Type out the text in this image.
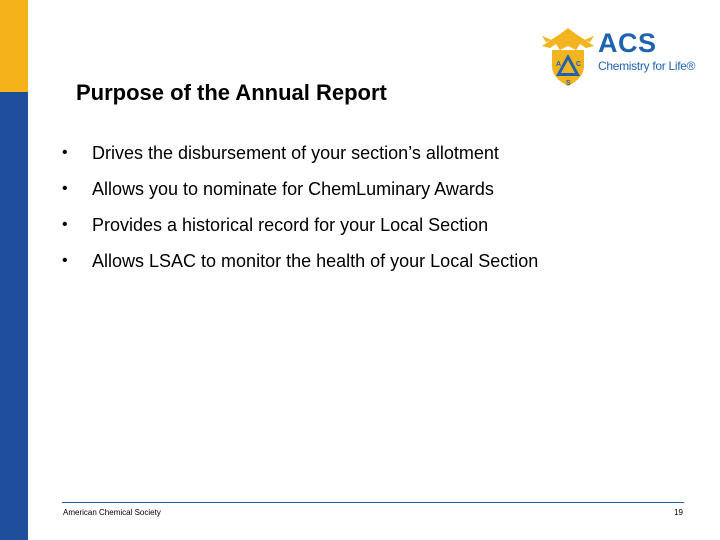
Purpose of the Annual Report
A C
S
ACS
Chemistry for Life®
• Drives the disbursement of your section’s allotment
• Allows you to nominate for ChemLuminary Awards
• Provides a historical record for your Local Section
• Allows LSAC to monitor the health of your Local Section
American Chemical Society	19
